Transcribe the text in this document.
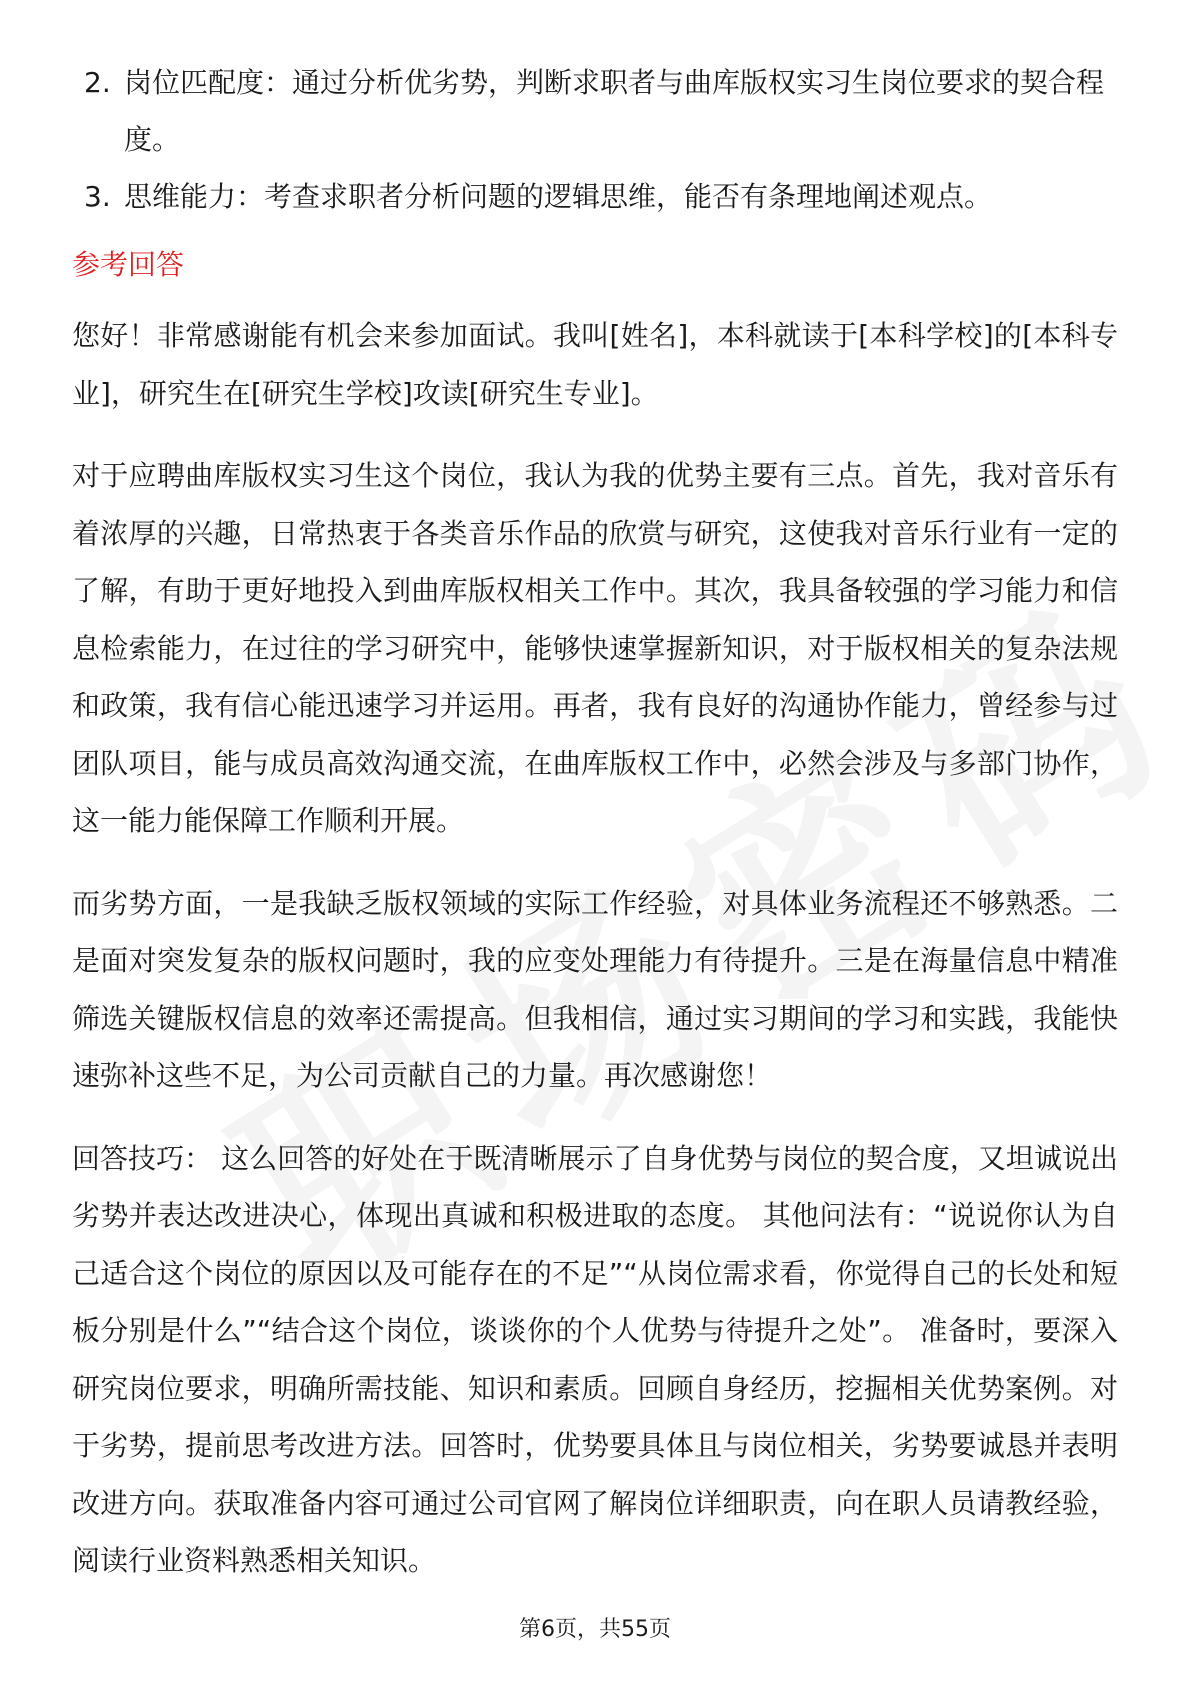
2. 岗位匹配度：通过分析优劣势，判断求职者与曲库版权实习生岗位要求的契合程度。
3. 思维能力：考查求职者分析问题的逻辑思维，能否有条理地阐述观点。
参考回答

您好！非常感谢能有机会来参加面试。我叫[姓名]，本科就读于[本科学校]的[本科专业]，研究生在[研究生学校]攻读[研究生专业]。

对于应聘曲库版权实习生这个岗位，我认为我的优势主要有三点。首先，我对音乐有着浓厚的兴趣，日常热衷于各类音乐作品的欣赏与研究，这使我对音乐行业有一定的了解，有助于更好地投入到曲库版权相关工作中。其次，我具备较强的学习能力和信息检索能力，在过往的学习研究中，能够快速掌握新知识，对于版权相关的复杂法规和政策，我有信心能迅速学习并运用。再者，我有良好的沟通协作能力，曾经参与过团队项目，能与成员高效沟通交流，在曲库版权工作中，必然会涉及与多部门协作，这一能力能保障工作顺利开展。

而劣势方面，一是我缺乏版权领域的实际工作经验，对具体业务流程还不够熟悉。二是面对突发复杂的版权问题时，我的应变处理能力有待提升。三是在海量信息中精准筛选关键版权信息的效率还需提高。但我相信，通过实习期间的学习和实践，我能快速弥补这些不足，为公司贡献自己的力量。再次感谢您！

回答技巧： 这么回答的好处在于既清晰展示了自身优势与岗位的契合度，又坦诚说出劣势并表达改进决心，体现出真诚和积极进取的态度。 其他问法有：“说说你认为自己适合这个岗位的原因以及可能存在的不足”“从岗位需求看，你觉得自己的长处和短板分别是什么”“结合这个岗位，谈谈你的个人优势与待提升之处”。 准备时，要深入研究岗位要求，明确所需技能、知识和素质。回顾自身经历，挖掘相关优势案例。对于劣势，提前思考改进方法。回答时，优势要具体且与岗位相关，劣势要诚恳并表明改进方向。获取准备内容可通过公司官网了解岗位详细职责，向在职人员请教经验，阅读行业资料熟悉相关知识。

第6页，共55页
